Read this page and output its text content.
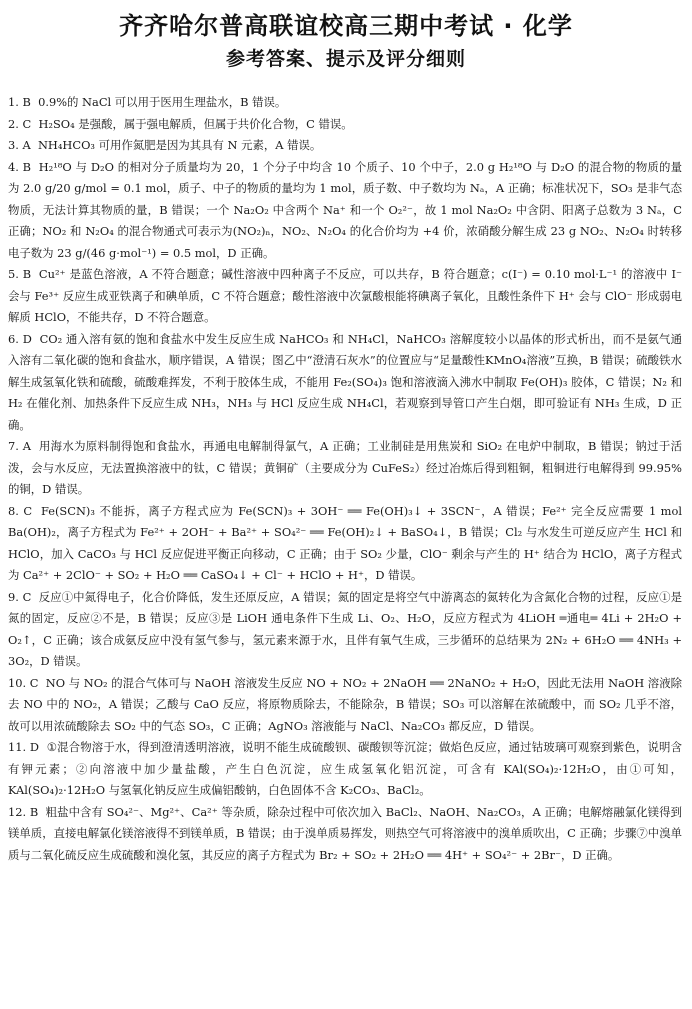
齐齐哈尔普高联谊校高三期中考试 · 化学
参考答案、提示及评分细则

1. B 0.9%的 NaCl 可以用于医用生理盐水，B 错误。

2. C H₂SO₄ 是强酸，属于强电解质，但属于共价化合物，C 错误。

3. A NH₄HCO₃ 可用作氮肥是因为其具有 N 元素，A 错误。

4. B H₂¹⁸O 与 D₂O 的相对分子质量均为 20，1 个分子中均含 10 个质子、10 个中子，2.0 g H₂¹⁸O 与 D₂O 的混合物的物质的量为 2.0 g/20 g/mol = 0.1 mol，质子、中子的物质的量均为 1 mol，质子数、中子数均为 Nₐ，A 正确；标准状况下，SO₃ 是非气态物质，无法计算其物质的量，B 错误；一个 Na₂O₂ 中含两个 Na⁺ 和一个 O₂²⁻，故 1 mol Na₂O₂ 中含阴、阳离子总数为 3 Nₐ，C 正确；NO₂ 和 N₂O₄ 的混合物通式可表示为(NO₂)ₙ，NO₂、N₂O₄ 的化合价均为 +4 价，浓硝酸分解生成 23 g NO₂、N₂O₄ 时转移电子数为 23 g/(46 g·mol⁻¹) = 0.5 mol，D 正确。

5. B Cu²⁺ 是蓝色溶液，A 不符合题意；碱性溶液中四种离子不反应，可以共存，B 符合题意；c(I⁻) = 0.10 mol·L⁻¹ 的溶液中 I⁻ 会与 Fe³⁺ 反应生成亚铁离子和碘单质，C 不符合题意；酸性溶液中次氯酸根能将碘离子氧化，且酸性条件下 H⁺ 会与 ClO⁻ 形成弱电解质 HClO，不能共存，D 不符合题意。

6. D CO₂ 通入溶有氨的饱和食盐水中发生反应生成 NaHCO₃ 和 NH₄Cl，NaHCO₃ 溶解度较小以晶体的形式析出，而不是氨气通入溶有二氧化碳的饱和食盐水，顺序错误，A 错误；图乙中“澄清石灰水”的位置应与“足量酸性KMnO₄溶液”互换，B 错误；硫酸铁水解生成氢氧化铁和硫酸，硫酸难挥发，不利于胶体生成，不能用 Fe₂(SO₄)₃ 饱和溶液滴入沸水中制取 Fe(OH)₃ 胶体，C 错误；N₂ 和 H₂ 在催化剂、加热条件下反应生成 NH₃，NH₃ 与 HCl 反应生成 NH₄Cl，若观察到导管口产生白烟，即可验证有 NH₃ 生成，D 正确。

7. A 用海水为原料制得饱和食盐水，再通电电解制得氯气，A 正确；工业制硅是用焦炭和 SiO₂ 在电炉中制取，B 错误；钠过于活泼，会与水反应，无法置换溶液中的钛，C 错误；黄铜矿（主要成分为 CuFeS₂）经过冶炼后得到粗铜，粗铜进行电解得到 99.95%的铜，D 错误。

8. C Fe(SCN)₃ 不能拆，离子方程式应为 Fe(SCN)₃ + 3OH⁻ ══ Fe(OH)₃↓ + 3SCN⁻，A 错误；Fe²⁺ 完全反应需要 1 mol Ba(OH)₂，离子方程式为 Fe²⁺ + 2OH⁻ + Ba²⁺ + SO₄²⁻ ══ Fe(OH)₂↓ + BaSO₄↓，B 错误；Cl₂ 与水发生可逆反应产生 HCl 和 HClO，加入 CaCO₃ 与 HCl 反应促进平衡正向移动，C 正确；由于 SO₂ 少量，ClO⁻ 剩余与产生的 H⁺ 结合为 HClO，离子方程式为 Ca²⁺ + 2ClO⁻ + SO₂ + H₂O ══ CaSO₄↓ + Cl⁻ + HClO + H⁺，D 错误。

9. C 反应①中氮得电子，化合价降低，发生还原反应，A 错误；氮的固定是将空气中游离态的氮转化为含氮化合物的过程，反应①是氮的固定，反应②不是，B 错误；反应③是 LiOH 通电条件下生成 Li、O₂、H₂O，反应方程式为 4LiOH ═通电═ 4Li + 2H₂O + O₂↑，C 正确；该合成氨反应中没有氢气参与，氢元素来源于水，且伴有氧气生成，三步循环的总结果为 2N₂ + 6H₂O ══ 4NH₃ + 3O₂，D 错误。

10. C NO 与 NO₂ 的混合气体可与 NaOH 溶液发生反应 NO + NO₂ + 2NaOH ══ 2NaNO₂ + H₂O，因此无法用 NaOH 溶液除去 NO 中的 NO₂，A 错误；乙酸与 CaO 反应，将原物质除去，不能除杂，B 错误；SO₃ 可以溶解在浓硫酸中，而 SO₂ 几乎不溶，故可以用浓硫酸除去 SO₂ 中的气态 SO₃，C 正确；AgNO₃ 溶液能与 NaCl、Na₂CO₃ 都反应，D 错误。

11. D ①混合物溶于水，得到澄清透明溶液，说明不能生成硫酸钡、碳酸钡等沉淀；做焰色反应，通过钴玻璃可观察到紫色，说明含有钾元素；②向溶液中加少量盐酸，产生白色沉淀，应生成氢氧化铝沉淀，可含有 KAl(SO₄)₂·12H₂O，由①可知，KAl(SO₄)₂·12H₂O 与氢氧化钠反应生成偏铝酸钠，白色固体不含 K₂CO₃、BaCl₂。

12. B 粗盐中含有 SO₄²⁻、Mg²⁺、Ca²⁺ 等杂质，除杂过程中可依次加入 BaCl₂、NaOH、Na₂CO₃，A 正确；电解熔融氯化镁得到镁单质，直接电解氯化镁溶液得不到镁单质，B 错误；由于溴单质易挥发，则热空气可将溶液中的溴单质吹出，C 正确；步骤⑦中溴单质与二氧化硫反应生成硫酸和溴化氢，其反应的离子方程式为 Br₂ + SO₂ + 2H₂O ══ 4H⁺ + SO₄²⁻ + 2Br⁻，D 正确。
